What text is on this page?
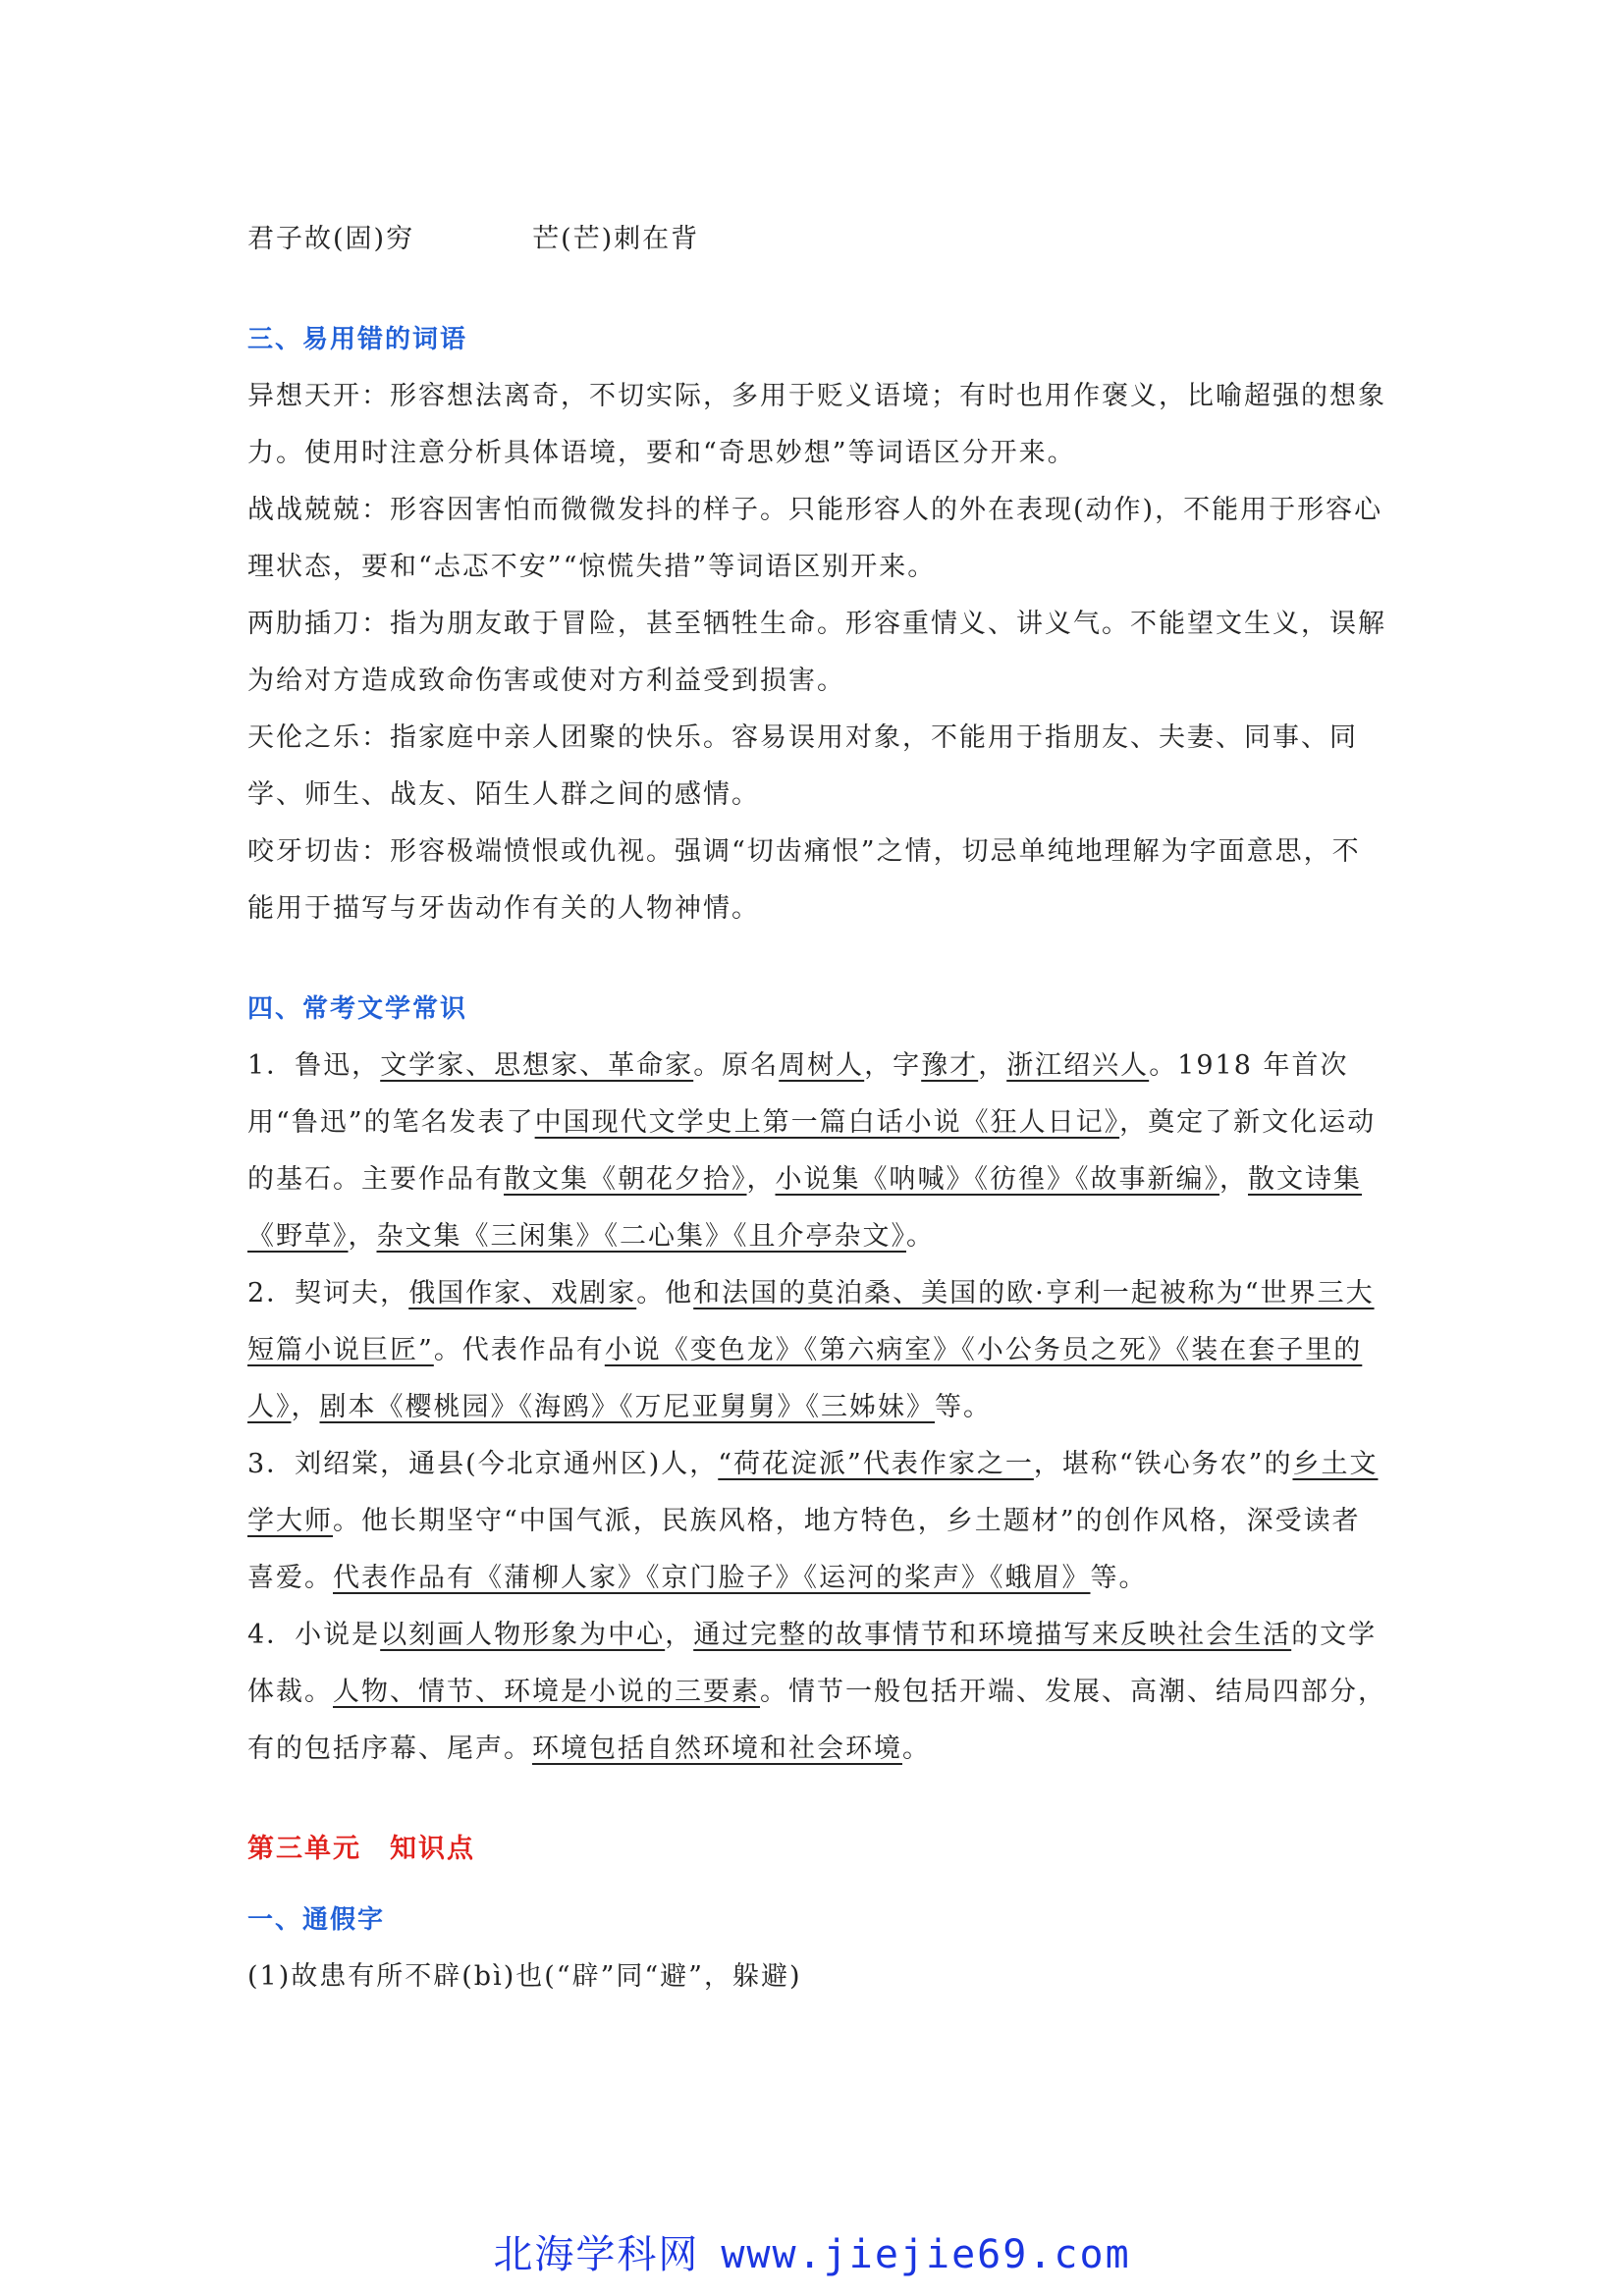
君子故(固)穷	芒(芒)刺在背
三、易用错的词语
异想天开：形容想法离奇，不切实际，多用于贬义语境；有时也用作褒义，比喻超强的想象力。使用时注意分析具体语境，要和“奇思妙想”等词语区分开来。
战战兢兢：形容因害怕而微微发抖的样子。只能形容人的外在表现(动作)，不能用于形容心理状态，要和“忐忑不安”“惊慌失措”等词语区别开来。
两肋插刀：指为朋友敢于冒险，甚至牺牲生命。形容重情义、讲义气。不能望文生义，误解为给对方造成致命伤害或使对方利益受到损害。
天伦之乐：指家庭中亲人团聚的快乐。容易误用对象，不能用于指朋友、夫妻、同事、同学、师生、战友、陌生人群之间的感情。
咬牙切齿：形容极端愤恨或仇视。强调“切齿痛恨”之情，切忌单纯地理解为字面意思，不能用于描写与牙齿动作有关的人物神情。
四、常考文学常识
1．鲁迅，文学家、思想家、革命家。原名周树人，字豫才，浙江绍兴人。1918 年首次用“鲁迅”的笔名发表了中国现代文学史上第一篇白话小说《狂人日记》，奠定了新文化运动的基石。主要作品有散文集《朝花夕拾》，小说集《呐喊》《彷徨》《故事新编》，散文诗集《野草》，杂文集《三闲集》《二心集》《且介亭杂文》。
2．契诃夫，俄国作家、戏剧家。他和法国的莫泊桑、美国的欧·亨利一起被称为“世界三大短篇小说巨匠”。代表作品有小说《变色龙》《第六病室》《小公务员之死》《装在套子里的人》，剧本《樱桃园》《海鸥》《万尼亚舅舅》《三姊妹》等。
3．刘绍棠，通县(今北京通州区)人，“荷花淀派”代表作家之一，堪称“铁心务农”的乡土文学大师。他长期坚守“中国气派，民族风格，地方特色，乡土题材”的创作风格，深受读者喜爱。代表作品有《蒲柳人家》《京门脸子》《运河的桨声》《蛾眉》等。
4．小说是以刻画人物形象为中心，通过完整的故事情节和环境描写来反映社会生活的文学体裁。人物、情节、环境是小说的三要素。情节一般包括开端、发展、高潮、结局四部分，有的包括序幕、尾声。环境包括自然环境和社会环境。
第三单元　知识点
一、通假字
(1)故患有所不辟(bì)也(“辟”同“避”，躲避)
北海学科网 www.jiejie69.com
